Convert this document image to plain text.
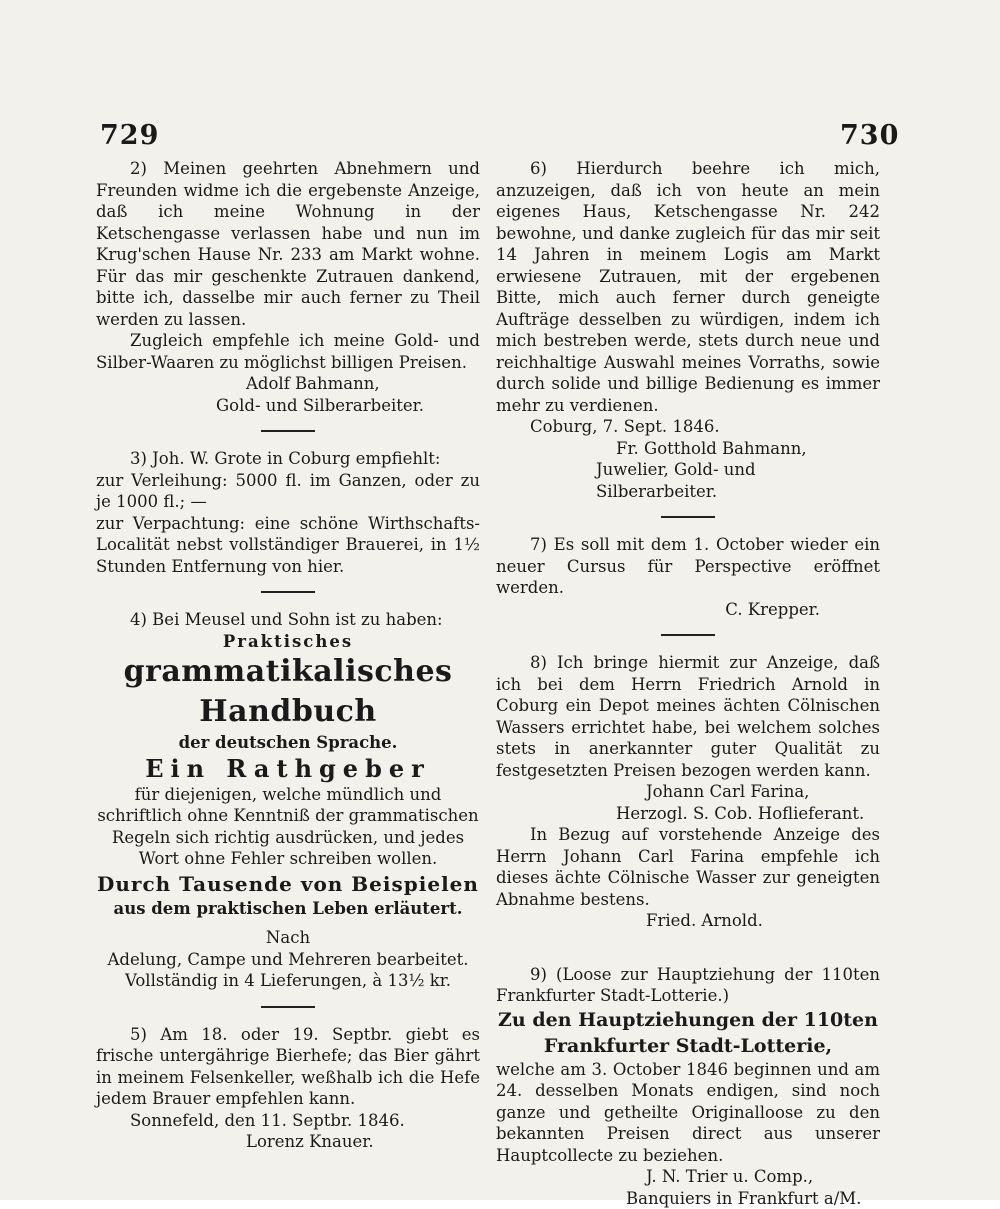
729	730

2) Meinen geehrten Abnehmern und Freunden widme ich die ergebenste Anzeige, daß ich meine Wohnung in der Ketschengasse verlassen habe und nun im Krug'schen Hause Nr. 233 am Markt wohne. Für das mir geschenkte Zutrauen dankend, bitte ich, dasselbe mir auch ferner zu Theil werden zu lassen.

Zugleich empfehle ich meine Gold- und Silber-Waaren zu möglichst billigen Preisen.

Adolf Bahmann,

Gold- und Silberarbeiter.

3) Joh. W. Grote in Coburg empfiehlt:

zur Verleihung: 5000 fl. im Ganzen, oder zu je 1000 fl.; —

zur Verpachtung: eine schöne Wirthschafts-Localität nebst vollständiger Brauerei, in 1½ Stunden Entfernung von hier.

4) Bei Meusel und Sohn ist zu haben:

Praktisches

grammatikalisches Handbuch

der deutschen Sprache.

Ein Rathgeber

für diejenigen, welche mündlich und schriftlich ohne Kenntniß der grammatischen Regeln sich richtig ausdrücken, und jedes Wort ohne Fehler schreiben wollen.

Durch Tausende von Beispielen

aus dem praktischen Leben erläutert.

Nach

Adelung, Campe und Mehreren bearbeitet.

Vollständig in 4 Lieferungen, à 13½ kr.

5) Am 18. oder 19. Septbr. giebt es frische untergährige Bierhefe; das Bier gährt in meinem Felsenkeller, weßhalb ich die Hefe jedem Brauer empfehlen kann.

Sonnefeld, den 11. Septbr. 1846.

Lorenz Knauer.

6) Hierdurch beehre ich mich, anzuzeigen, daß ich von heute an mein eigenes Haus, Ketschengasse Nr. 242 bewohne, und danke zugleich für das mir seit 14 Jahren in meinem Logis am Markt erwiesene Zutrauen, mit der ergebenen Bitte, mich auch ferner durch geneigte Aufträge desselben zu würdigen, indem ich mich bestreben werde, stets durch neue und reichhaltige Auswahl meines Vorraths, sowie durch solide und billige Bedienung es immer mehr zu verdienen.

Coburg, 7. Sept. 1846.

Fr. Gotthold Bahmann,

Juwelier, Gold- und Silberarbeiter.

7) Es soll mit dem 1. October wieder ein neuer Cursus für Perspective eröffnet werden.

C. Krepper.

8) Ich bringe hiermit zur Anzeige, daß ich bei dem Herrn Friedrich Arnold in Coburg ein Depot meines ächten Cölnischen Wassers errichtet habe, bei welchem solches stets in anerkannter guter Qualität zu festgesetzten Preisen bezogen werden kann.

Johann Carl Farina,

Herzogl. S. Cob. Hoflieferant.

In Bezug auf vorstehende Anzeige des Herrn Johann Carl Farina empfehle ich dieses ächte Cölnische Wasser zur geneigten Abnahme bestens.

Fried. Arnold.

9) (Loose zur Hauptziehung der 110ten Frankfurter Stadt-Lotterie.)

Zu den Hauptziehungen der 110ten Frankfurter Stadt-Lotterie,

welche am 3. October 1846 beginnen und am 24. desselben Monats endigen, sind noch ganze und getheilte Originalloose zu den bekannten Preisen direct aus unserer Hauptcollecte zu beziehen.

J. N. Trier u. Comp.,

Banquiers in Frankfurt a/M.
